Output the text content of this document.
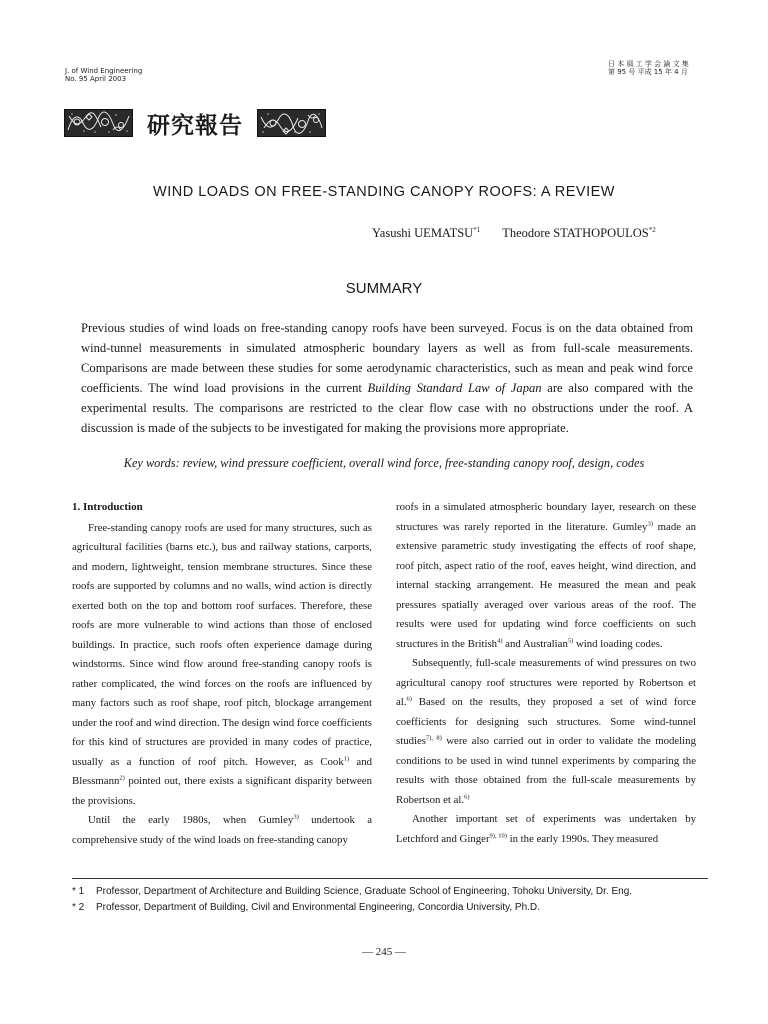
J. of Wind Engineering
No. 95 April 2003
日 本 風 工 学 会 論 文 集
第 95 号 平成 15 年 4 月
研究報告
WIND LOADS ON FREE-STANDING CANOPY ROOFS: A REVIEW
Yasushi UEMATSU$^{*1}$ Theodore STATHOPOULOS$^{*2}$
SUMMARY
Previous studies of wind loads on free-standing canopy roofs have been surveyed. Focus is on the data obtained from wind-tunnel measurements in simulated atmospheric boundary layers as well as from full-scale measurements. Comparisons are made between these studies for some aerodynamic characteristics, such as mean and peak wind force coefficients. The wind load provisions in the current Building Standard Law of Japan are also compared with the experimental results. The comparisons are restricted to the clear flow case with no obstructions under the roof. A discussion is made of the subjects to be investigated for making the provisions more appropriate.
Key words: review, wind pressure coefficient, overall wind force, free-standing canopy roof, design, codes
1. Introduction

Free-standing canopy roofs are used for many structures, such as agricultural facilities (barns etc.), bus and railway stations, carports, and modern, lightweight, tension membrane structures. Since these roofs are supported by columns and no walls, wind action is directly exerted both on the top and bottom roof surfaces. Therefore, these roofs are more vulnerable to wind actions than those of enclosed buildings. In practice, such roofs often experience damage during windstorms. Since wind flow around free-standing canopy roofs is rather complicated, the wind forces on the roofs are influenced by many factors such as roof shape, roof pitch, blockage arrangement under the roof and wind direction. The design wind force coefficients for this kind of structures are provided in many codes of practice, usually as a function of roof pitch. However, as Cook$^{1)}$ and Blessmann$^{2)}$ pointed out, there exists a significant disparity between the provisions.

Until the early 1980s, when Gumley$^{3)}$ undertook a comprehensive study of the wind loads on free-standing canopy

roofs in a simulated atmospheric boundary layer, research on these structures was rarely reported in the literature. Gumley$^{3)}$ made an extensive parametric study investigating the effects of roof shape, roof pitch, aspect ratio of the roof, eaves height, wind direction, and internal stacking arrangement. He measured the mean and peak pressures spatially averaged over various areas of the roof. The results were used for updating wind force coefficients on such structures in the British$^{4)}$ and Australian$^{5)}$ wind loading codes.

Subsequently, full-scale measurements of wind pressures on two agricultural canopy roof structures were reported by Robertson et al.$^{6)}$ Based on the results, they proposed a set of wind force coefficients for designing such structures. Some wind-tunnel studies$^{7), 8)}$ were also carried out in order to validate the modeling conditions to be used in wind tunnel experiments by comparing the results with those obtained from the full-scale measurements by Robertson et al.$^{6)}$

Another important set of experiments was undertaken by Letchford and Ginger$^{9), 10)}$ in the early 1990s. They measured

* 1 Professor, Department of Architecture and Building Science, Graduate School of Engineering, Tohoku University, Dr. Eng.
* 2 Professor, Department of Building, Civil and Environmental Engineering, Concordia University, Ph.D.
— 245 —
